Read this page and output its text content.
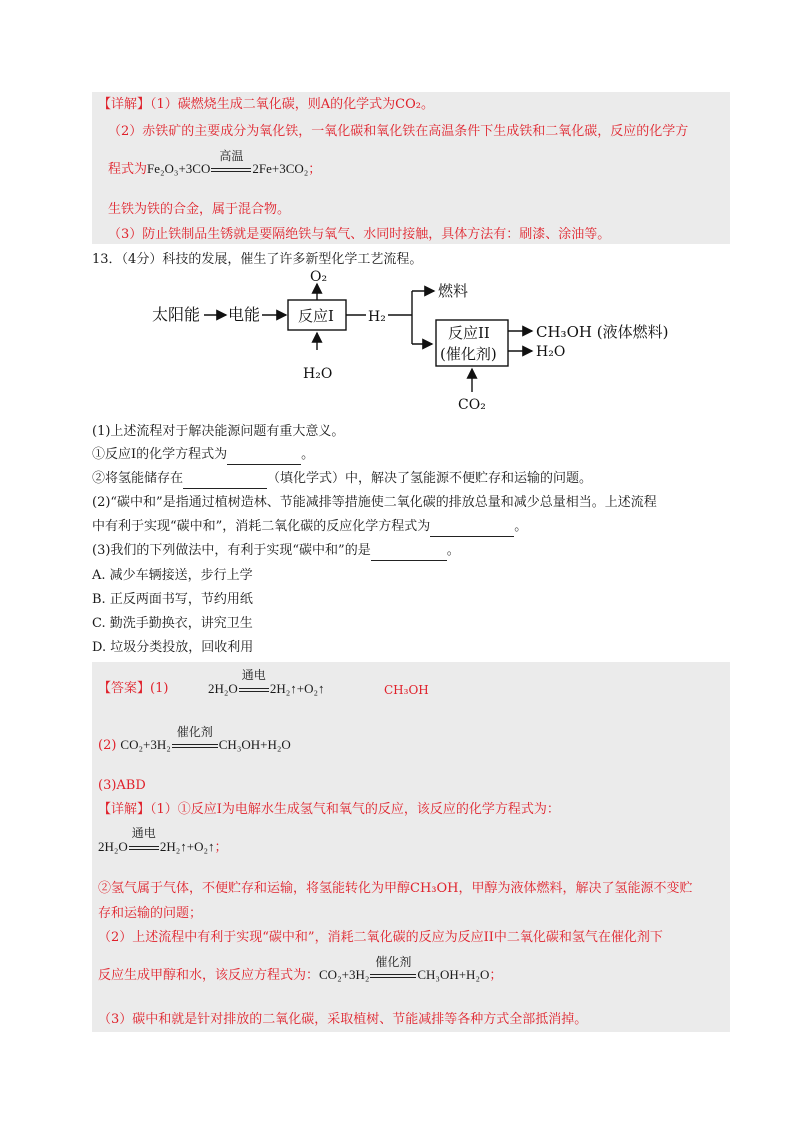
【详解】（1）碳燃烧生成二氧化碳，则A的化学式为CO₂。
（2）赤铁矿的主要成分为氧化铁，一氧化碳和氧化铁在高温条件下生成铁和二氧化碳，反应的化学方
程式为Fe₂O₃+3CO
高温
2Fe+3CO₂；
生铁为铁的合金，属于混合物。
（3）防止铁制品生锈就是要隔绝铁与氧气、水同时接触，具体方法有：刷漆、涂油等。
13．（4分）科技的发展，催生了许多新型化学工艺流程。
太阳能 电能	反应I
O₂
H₂O
H₂
燃料
反应II
(催化剂)
CH₃OH (液体燃料)
H₂O
CO₂
(1)上述流程对于解决能源问题有重大意义。
①反应I的化学方程式为	。
②将氢能储存在	（填化学式）中，解决了氢能源不便贮存和运输的问题。
(2)“碳中和”是指通过植树造林、节能减排等措施使二氧化碳的排放总量和减少总量相当。上述流程
中有利于实现“碳中和”，消耗二氧化碳的反应化学方程式为	。
(3)我们的下列做法中，有利于实现“碳中和”的是	。
A. 减少车辆接送，步行上学
B. 正反两面书写，节约用纸
C. 勤洗手勤换衣，讲究卫生
D. 垃圾分类投放，回收利用
【答案】(1)	2H₂O
通电
2H₂↑+O₂↑	CH₃OH
(2) CO₂+3H₂
催化剂
CH₃OH+H₂O
(3)ABD
【详解】（1）①反应I为电解水生成氢气和氧气的反应，该反应的化学方程式为：
2H₂O
通电
2H₂↑+O₂↑；
②氢气属于气体，不便贮存和运输，将氢能转化为甲醇CH₃OH，甲醇为液体燃料，解决了氢能源不变贮
存和运输的问题；
（2）上述流程中有利于实现“碳中和”，消耗二氧化碳的反应为反应II中二氧化碳和氢气在催化剂下
反应生成甲醇和水，该反应方程式为：CO₂+3H₂
催化剂
CH₃OH+H₂O；
（3）碳中和就是针对排放的二氧化碳，采取植树、节能减排等各种方式全部抵消掉。
